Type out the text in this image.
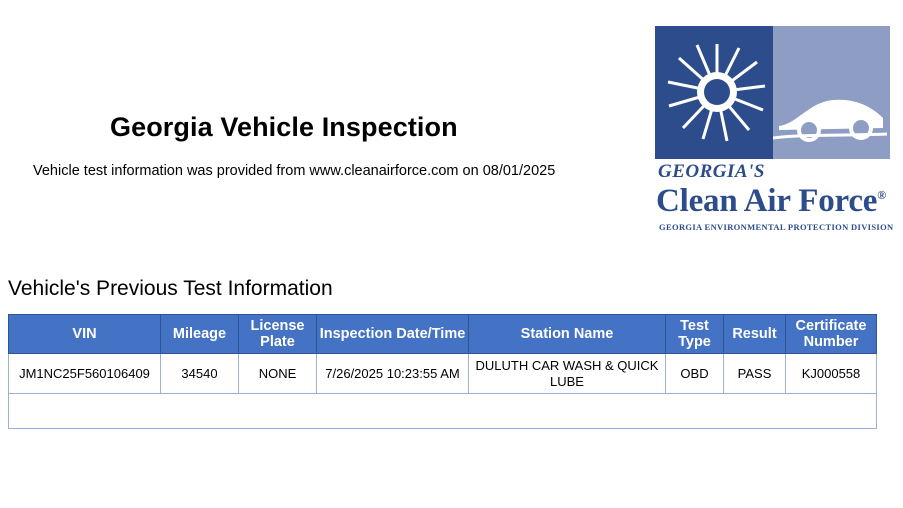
Georgia Vehicle Inspection
Vehicle test information was provided from www.cleanairforce.com on 08/01/2025	GEORGIA'S
Clean Air Force®
GEORGIA ENVIRONMENTAL PROTECTION DIVISION
Vehicle's Previous Test Information
VIN	Mileage	License Plate	Inspection Date/Time	Station Name	Test Type	Result	Certificate Number
JM1NC25F560106409	34540	NONE	7/26/2025 10:23:55 AM	DULUTH CAR WASH & QUICK LUBE	OBD	PASS	KJ000558
